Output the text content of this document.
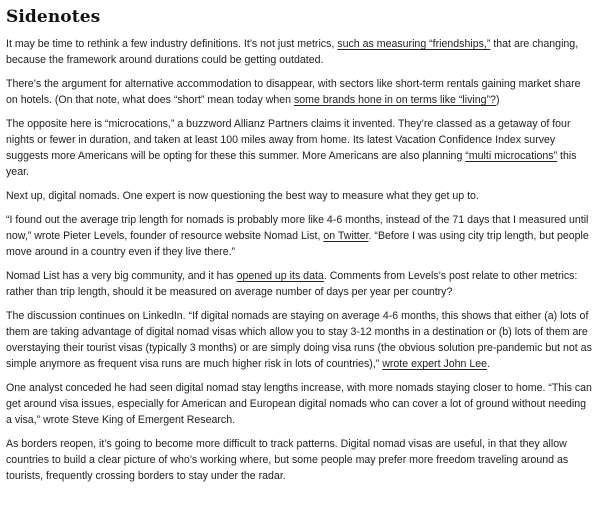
Sidenotes

It may be time to rethink a few industry definitions. It’s not just metrics, such as measuring “friendships,” that are changing, because the framework around durations could be getting outdated.

There’s the argument for alternative accommodation to disappear, with sectors like short-term rentals gaining market share on hotels. (On that note, what does “short” mean today when some brands hone in on terms like “living”?)

The opposite here is “microcations,” a buzzword Allianz Partners claims it invented. They’re classed as a getaway of four nights or fewer in duration, and taken at least 100 miles away from home. Its latest Vacation Confidence Index survey suggests more Americans will be opting for these this summer. More Americans are also planning “multi microcations” this year.

Next up, digital nomads. One expert is now questioning the best way to measure what they get up to.

“I found out the average trip length for nomads is probably more like 4-6 months, instead of the 71 days that I measured until now,” wrote Pieter Levels, founder of resource website Nomad List, on Twitter. “Before I was using city trip length, but people move around in a country even if they live there.”

Nomad List has a very big community, and it has opened up its data. Comments from Levels’s post relate to other metrics: rather than trip length, should it be measured on average number of days per year per country?

The discussion continues on LinkedIn. “If digital nomads are staying on average 4-6 months, this shows that either (a) lots of them are taking advantage of digital nomad visas which allow you to stay 3-12 months in a destination or (b) lots of them are overstaying their tourist visas (typically 3 months) or are simply doing visa runs (the obvious solution pre-pandemic but not as simple anymore as frequent visa runs are much higher risk in lots of countries),” wrote expert John Lee.

One analyst conceded he had seen digital nomad stay lengths increase, with more nomads staying closer to home. “This can get around visa issues, especially for American and European digital nomads who can cover a lot of ground without needing a visa,” wrote Steve King of Emergent Research.

As borders reopen, it’s going to become more difficult to track patterns. Digital nomad visas are useful, in that they allow countries to build a clear picture of who’s working where, but some people may prefer more freedom traveling around as tourists, frequently crossing borders to stay under the radar.
